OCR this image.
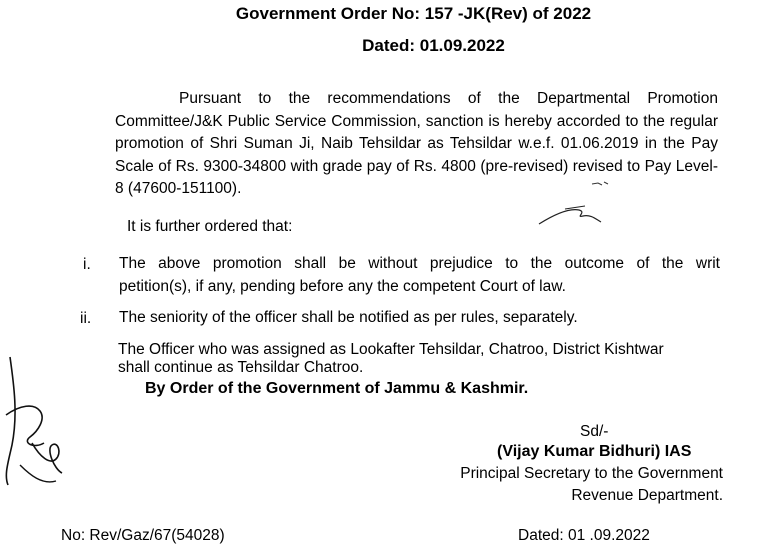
Government Order No: 157 -JK(Rev) of 2022
Dated: 01.09.2022
Pursuant to the recommendations of the Departmental Promotion
Committee/J&K Public Service Commission, sanction is hereby accorded to the regular
promotion of Shri Suman Ji, Naib Tehsildar as Tehsildar w.e.f. 01.06.2019 in the Pay
Scale of Rs. 9300-34800 with grade pay of Rs. 4800 (pre-revised) revised to Pay Level-
8 (47600-151100).
It is further ordered that:
i. The above promotion shall be without prejudice to the outcome of the writ
petition(s), if any, pending before any the competent Court of law.
ii. The seniority of the officer shall be notified as per rules, separately.
The Officer who was assigned as Lookafter Tehsildar, Chatroo, District Kishtwar
shall continue as Tehsildar Chatroo.
By Order of the Government of Jammu & Kashmir.
Sd/-
(Vijay Kumar Bidhuri) IAS
Principal Secretary to the Government
Revenue Department.
No: Rev/Gaz/67(54028)	Dated: 01 .09.2022
